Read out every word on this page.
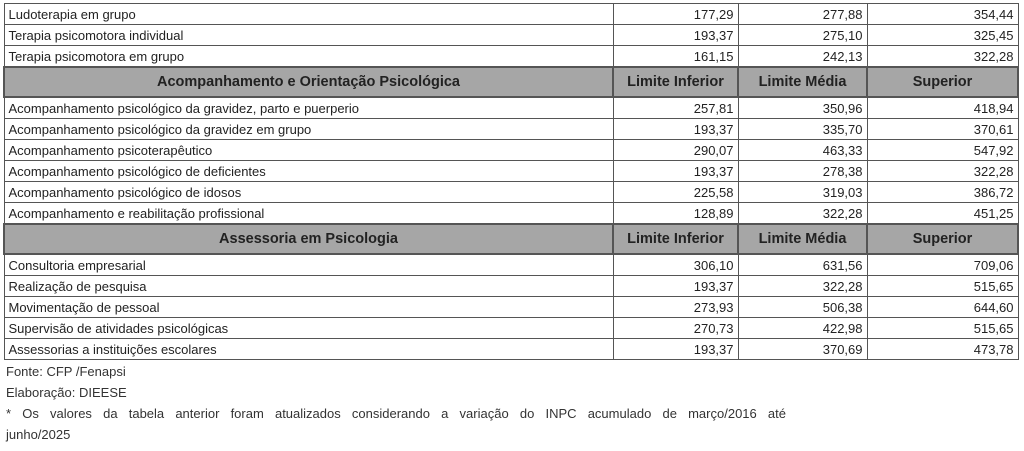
Ludoterapia em grupo	177,29	277,88	354,44
Terapia psicomotora individual	193,37	275,10	325,45
Terapia psicomotora em grupo	161,15	242,13	322,28
Acompanhamento e Orientação Psicológica	Limite Inferior	Limite Média	Superior
Acompanhamento psicológico da gravidez, parto e puerperio	257,81	350,96	418,94
Acompanhamento psicológico da gravidez em grupo	193,37	335,70	370,61
Acompanhamento psicoterapêutico	290,07	463,33	547,92
Acompanhamento psicológico de deficientes	193,37	278,38	322,28
Acompanhamento psicológico de idosos	225,58	319,03	386,72
Acompanhamento e reabilitação profissional	128,89	322,28	451,25
Assessoria em Psicologia	Limite Inferior	Limite Média	Superior
Consultoria empresarial	306,10	631,56	709,06
Realização de pesquisa	193,37	322,28	515,65
Movimentação de pessoal	273,93	506,38	644,60
Supervisão de atividades psicológicas	270,73	422,98	515,65
Assessorias a instituições escolares	193,37	370,69	473,78
Fonte: CFP /Fenapsi
Elaboração: DIEESE
* Os valores da tabela anterior foram atualizados considerando a variação do INPC acumulado de março/2016 até
junho/2025
